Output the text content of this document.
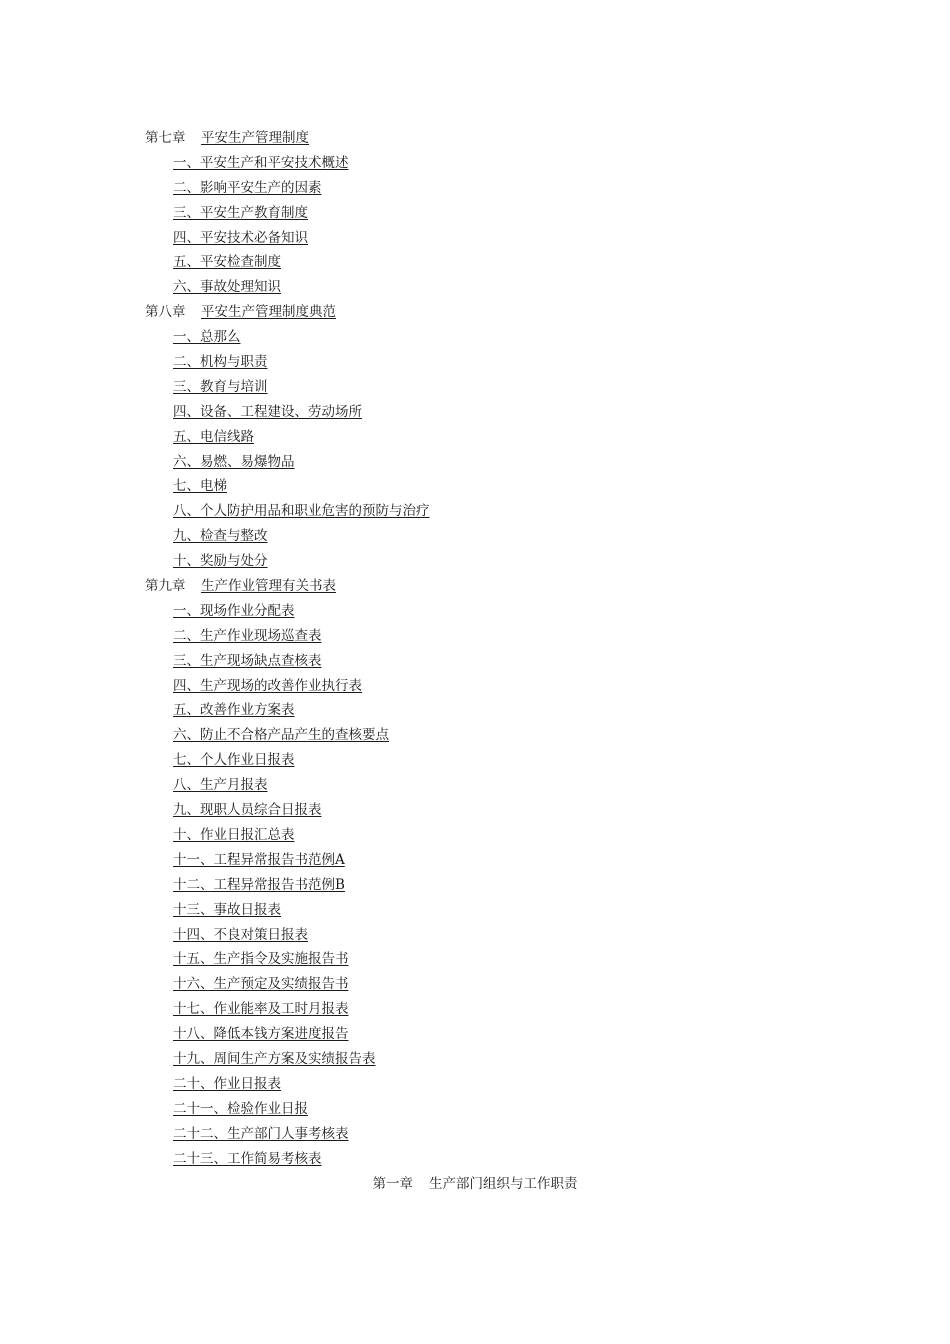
第七章 平安生产管理制度
一、平安生产和平安技术概述
二、影响平安生产的因素
三、平安生产教育制度
四、平安技术必备知识
五、平安检查制度
六、事故处理知识
第八章 平安生产管理制度典范
一、总那么
二、机构与职责
三、教育与培训
四、设备、工程建设、劳动场所
五、电信线路
六、易燃、易爆物品
七、电梯
八、个人防护用品和职业危害的预防与治疗
九、检查与整改
十、奖励与处分
第九章 生产作业管理有关书表
一、现场作业分配表
二、生产作业现场巡查表
三、生产现场缺点查核表
四、生产现场的改善作业执行表
五、改善作业方案表
六、防止不合格产品产生的查核要点
七、个人作业日报表
八、生产月报表
九、现职人员综合日报表
十、作业日报汇总表
十一、工程异常报告书范例A
十二、工程异常报告书范例B
十三、事故日报表
十四、不良对策日报表
十五、生产指令及实施报告书
十六、生产预定及实绩报告书
十七、作业能率及工时月报表
十八、降低本钱方案进度报告
十九、周间生产方案及实绩报告表
二十、作业日报表
二十一、检验作业日报
二十二、生产部门人事考核表
二十三、工作简易考核表
第一章 生产部门组织与工作职责
